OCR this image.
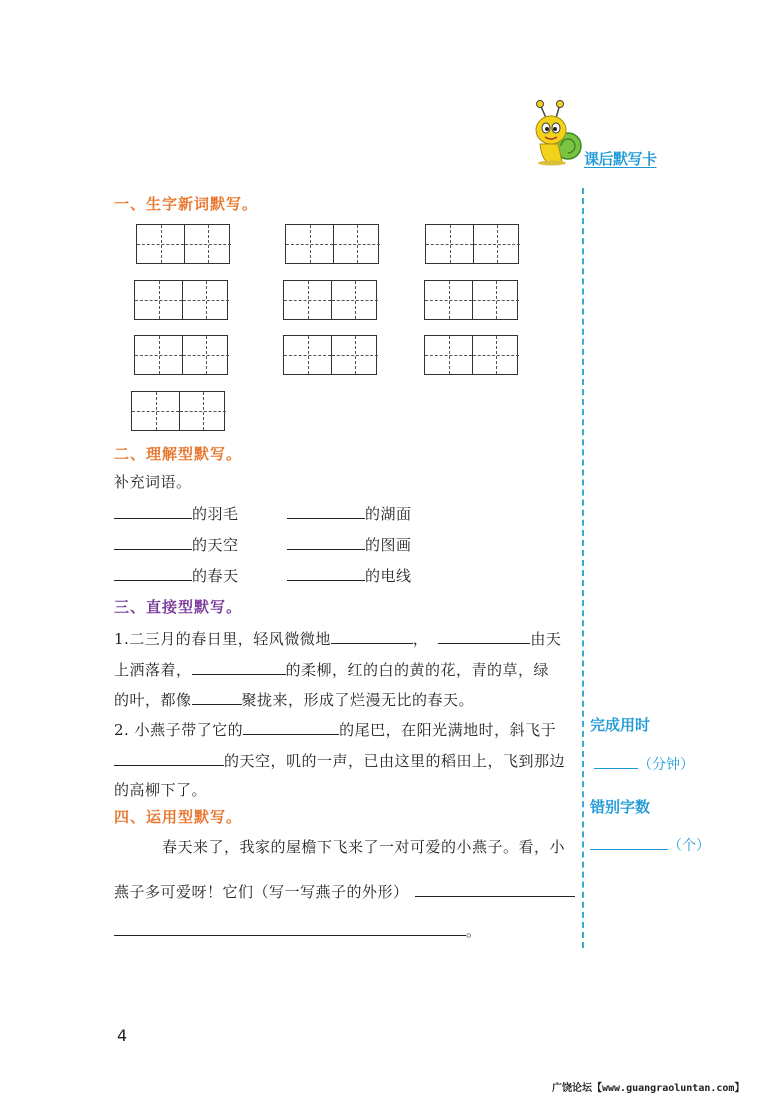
课后默写卡
一、生字新词默写。
二、理解型默写。
补充词语。
的羽毛	的湖面
的天空	的图画
的春天	的电线
三、直接型默写。
1.二三月的春日里，轻风微微地	，	由天
上洒落着，	的柔柳，红的白的黄的花，青的草，绿
的叶，都像	聚拢来，形成了烂漫无比的春天。
2. 小燕子带了它的	的尾巴，在阳光满地时，斜飞于
的天空，叽的一声，已由这里的稻田上，飞到那边
的高柳下了。
四、运用型默写。
春天来了，我家的屋檐下飞来了一对可爱的小燕子。看，小
燕子多可爱呀！它们（写一写燕子的外形）
。
完成用时
（分钟）
错别字数
（个）
4
广饶论坛【www.guangraoluntan.com】
